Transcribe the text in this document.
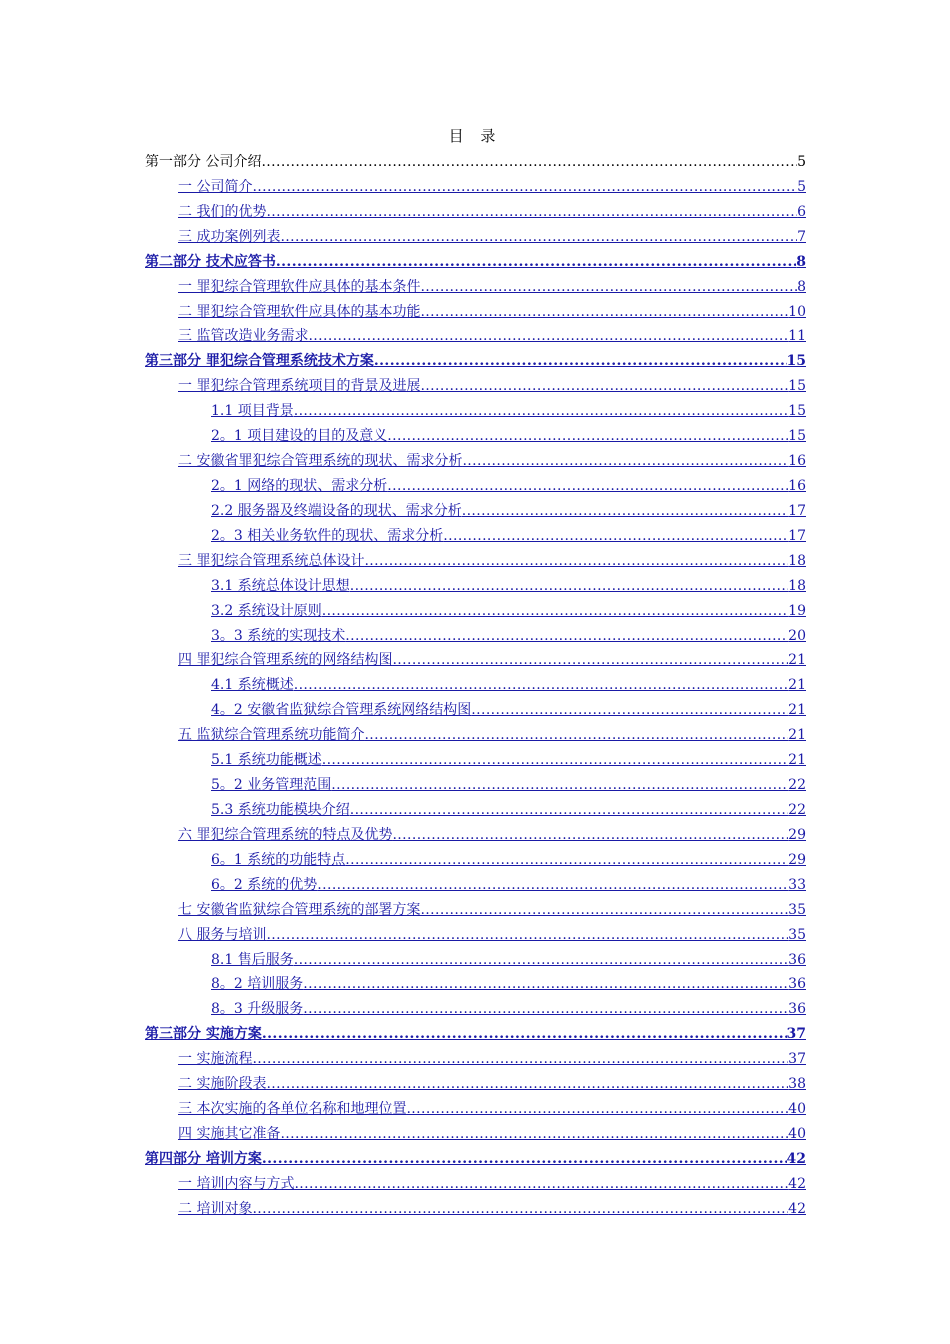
目 录
第一部分 公司介绍 .....	5
一 公司简介 .....	5
二 我们的优势 .....	6
三 成功案例列表 .....	7
第二部分 技术应答书 .....	8
一 罪犯综合管理软件应具体的基本条件 .....	8
二 罪犯综合管理软件应具体的基本功能 .....	10
三 监管改造业务需求 .....	11
第三部分 罪犯综合管理系统技术方案 .....	15
一 罪犯综合管理系统项目的背景及进展 .....	15
1.1 项目背景 .....	15
2。1 项目建设的目的及意义 .....	15
二 安徽省罪犯综合管理系统的现状、需求分析 .....	16
2。1 网络的现状、需求分析 .....	16
2.2 服务器及终端设备的现状、需求分析 .....	17
2。3 相关业务软件的现状、需求分析 .....	17
三 罪犯综合管理系统总体设计 .....	18
3.1 系统总体设计思想 .....	18
3.2 系统设计原则 .....	19
3。3 系统的实现技术 .....	20
四 罪犯综合管理系统的网络结构图 .....	21
4.1 系统概述 .....	21
4。2 安徽省监狱综合管理系统网络结构图 .....	21
五 监狱综合管理系统功能简介 .....	21
5.1 系统功能概述 .....	21
5。2 业务管理范围 .....	22
5.3 系统功能模块介绍 .....	22
六 罪犯综合管理系统的特点及优势 .....	29
6。1 系统的功能特点 .....	29
6。2 系统的优势 .....	33
七 安徽省监狱综合管理系统的部署方案 .....	35
八 服务与培训 .....	35
8.1 售后服务 .....	36
8。2 培训服务 .....	36
8。3 升级服务 .....	36
第三部分 实施方案 .....	37
一 实施流程 .....	37
二 实施阶段表 .....	38
三 本次实施的各单位名称和地理位置 .....	40
四 实施其它准备 .....	40
第四部分 培训方案 .....	42
一 培训内容与方式 .....	42
二 培训对象 .....	42
